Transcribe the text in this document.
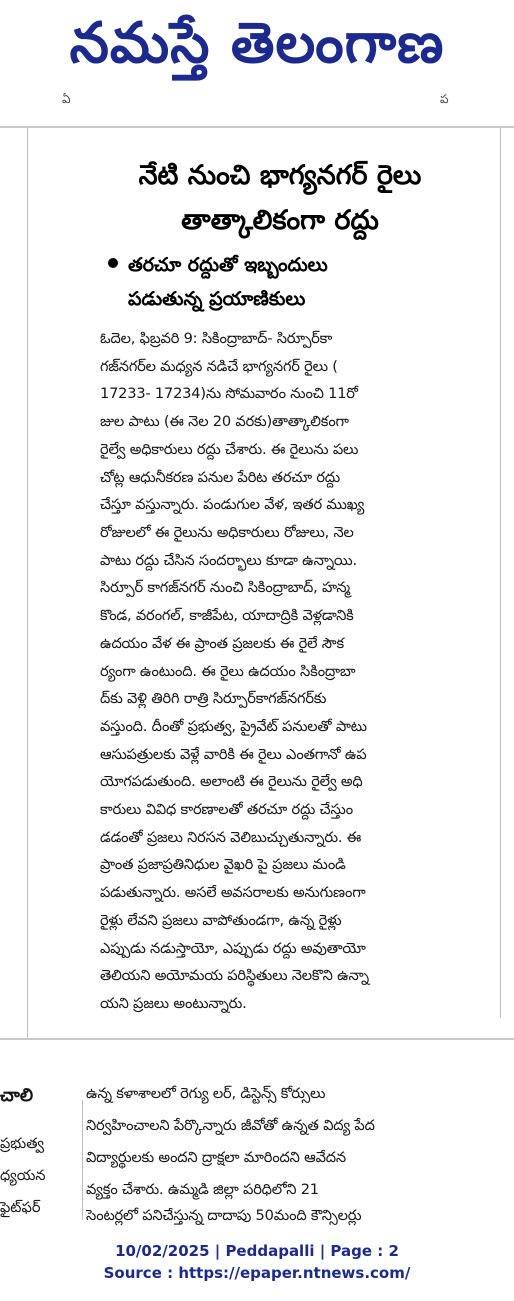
నమస్తే తెలంగాణ
ఏ	ప
నేటి నుంచి భాగ్యనగర్ రైలు
తాత్కాలికంగా రద్దు
తరచూ రద్దుతో ఇబ్బందులు
పడుతున్న ప్రయాణికులు
ఓదెల, ఫిబ్రవరి 9: సికింద్రాబాద్‌- సిర్పూర్‌కా
గజ్‌నగర్‌ల మధ్యన నడిచే భాగ్యనగర్ రైలు (
17233- 17234)ను సోమవారం నుంచి 11రో
జుల పాటు (ఈ నెల 20 వరకు)తాత్కాలికంగా
రైల్వే అధికారులు రద్దు చేశారు. ఈ రైలును పలు
చోట్ల ఆధునీకరణ పనుల పేరిట తరచూ రద్దు
చేస్తూ వస్తున్నారు. పండుగుల వేళ, ఇతర ముఖ్య
రోజులలో ఈ రైలును అధికారులు రోజులు, నెల
పాటు రద్దు చేసిన సందర్భాలు కూడా ఉన్నాయి.
సిర్పూర్ కాగజ్‌నగర్ నుంచి సికింద్రాబాద్, హన్మ
కొండ, వరంగల్, కాజీపేట, యాదాద్రికి వెళ్లడానికి
ఉదయం వేళ ఈ ప్రాంత ప్రజలకు ఈ రైలే సౌక
ర్యంగా ఉంటుంది. ఈ రైలు ఉదయం సికింద్రాబా
ద్‌కు వెళ్లి తిరిగి రాత్రి సిర్పూర్‌కాగజ్‌నగర్‌కు
వస్తుంది. దీంతో ప్రభుత్వ, ప్రైవేట్ పనులతో పాటు
ఆసుపత్రులకు వెళ్లే వారికి ఈ రైలు ఎంతగానో ఉప
యోగపడుతుంది. అలాంటి ఈ రైలును రైల్వే అధి
కారులు వివిధ కారణాలతో తరచూ రద్దు చేస్తుం
డడంతో ప్రజలు నిరసన వెలిబుచ్చుతున్నారు. ఈ
ప్రాంత ప్రజాప్రతినిధుల వైఖరి పై ప్రజలు మండి
పడుతున్నారు. అసలే అవసరాలకు అనుగుణంగా
రైళ్లు లేవని ప్రజలు వాపోతుండగా, ఉన్న రైళ్లు
చాలి
ప్రభుత్వ
ధ్యయన
ఫైట్‌ఫర్
ఉన్న కళాశాలలో రెగ్యు లర్, డిస్టెన్స్ కోర్సులు
నిర్వహించాలని పేర్కొన్నారు జీవోతో ఉన్నత విద్య పేద
విద్యార్థులకు అందని ద్రాక్షలా మారిందని ఆవేదన
వ్యక్తం చేశారు. ఉమ్మడి జిల్లా పరిధిలోని 21
సెంటర్లలో పనిచేస్తున్న దాదాపు 50మంది కౌన్సిలర్లు
10/02/2025 | Peddapalli | Page : 2
Source : https://epaper.ntnews.com/
ఎప్పుడు నడుస్తాయో, ఎప్పుడు రద్దు అవుతాయో
తెలియని అయోమయ పరిస్థితులు నెలకొని ఉన్నా
యని ప్రజలు అంటున్నారు.
